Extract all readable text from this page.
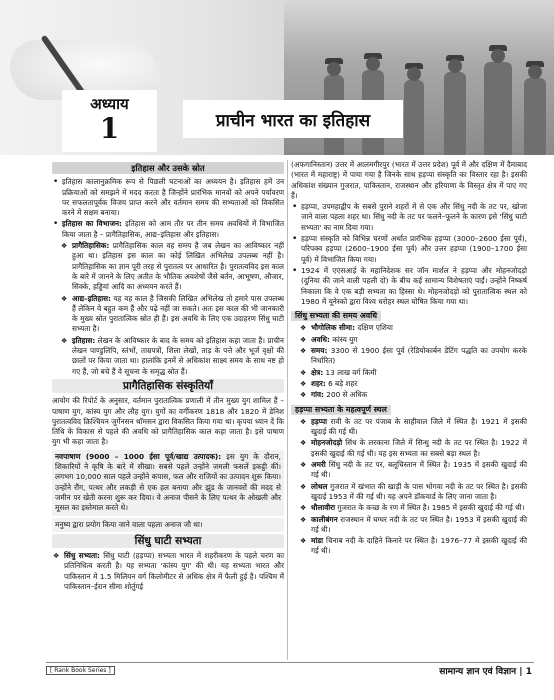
अध्याय
1	प्राचीन भारत का इतिहास
इतिहास और उसके स्रोत
• इतिहास कालानुक्रमिक रूप से पिछली घटनाओं का अध्ययन है। इतिहास हमें उन प्रक्रियाओं को समझने में मदद करता है जिन्होंने प्रारंभिक मानवों को अपने पर्यावरण पर सफलतापूर्वक विजय प्राप्त करने और वर्तमान समय की सभ्यताओं को विकसित करने में सक्षम बनाया।
• इतिहास का विभाजन: इतिहास को आम तौर पर तीन समय अवधियों में विभाजित किया जाता है – प्रागैतिहासिक, आद्य–इतिहास और इतिहास।
❖ प्रागैतिहासिक: प्रागैतिहासिक काल वह समय है जब लेखन का आविष्कार नहीं हुआ था। इतिहास इस काल का कोई लिखित अभिलेख उपलब्ध नहीं है। प्रागैतिहासिक का ज्ञान पूरी तरह से पुरातत्व पर आधारित है। पुरातत्वविद इस काल के बारे में जानने के लिए अतीत के भौतिक अवशेषों जैसे बर्तन, आभूषण, औजार, सिक्के, हड्डियां आदि का अध्ययन करते हैं।
❖ आद्य–इतिहास: यह वह काल है जिसकी लिखित अभिलेख तो हमारे पास उपलब्ध हैं लेकिन वे बहुत कम हैं और पढ़े नहीं जा सकते। अतः इस काल की भी जानकारी के मुख्य स्रोत पुरातात्विक स्रोत ही हैं। इस अवधि के लिए एक उदाहरण सिंधु घाटी सभ्यता है।
❖ इतिहास: लेखन के आविष्कार के बाद के समय को इतिहास कहा जाता है। प्राचीन लेखन पाण्डुलिपि, स्तंभों, ताम्रपत्रों, शिला लेखों, ताड़ के पत्ते और भूर्ज वृक्षों की छालों पर किया जाता था। हालांकि इनमें से अधिकांश साक्ष्य समय के साथ नष्ट हो गए हैं, जो बचे हैं वे सूचना के समृद्ध स्रोत हैं।
प्रागैतिहासिक संस्कृतियाँ
आयोग की रिपोर्ट के अनुसार, वर्तमान पुरातात्विक प्रणाली में तीन मुख्य युग शामिल हैं – पाषाण युग, कांस्य युग और लौह युग। युगों का वर्गीकरण 1818 और 1820 में डेनिश पुरातत्वविद क्रिश्चियन जुर्गेनसन थॉमसन द्वारा विकसित किया गया था। कृपया ध्यान दें कि तिथि के विकास से पहले की अवधि को प्रागैतिहासिक काल कहा जाता है। इसे पाषाण युग भी कहा जाता है।
नवपाषाण (9000 – 1000 ईसा पूर्व/खाद्य उत्पादक): इस युग के दौरान, शिकारियों ने कृषि के बारे में सीखा। सबसे पहले उन्होंने जमली फसलें इकट्ठी कीं। लगभग 10,000 साल पहले उन्होंने कपास, फल और राजियों का उत्पादन शुरू किया। उन्होंने रौंग, पत्थर और लकड़ी से एक हल बनाया और झुंड के जानवरों की मदद से जमीन पर खेती करना शुरू कर दिया। वे अनाज पीसने के लिए पत्थर के ओखली और मूसल का इस्तेमाल करते थे।
मनुष्य द्वारा प्रयोग किया जाने वाला पहला अनाज जौ था।
सिंधु घाटी सभ्यता
❖ सिंधु सभ्यता: सिंधु घाटी (हड़प्पा) सभ्यता भारत में शहरीकरण के पहले चरण का प्रतिनिधित्व करती है। यह सभ्यता 'कांस्य युग' की थी। यह सभ्यता भारत और पाकिस्तान में 1.5 मिलियन वर्ग किलोमीटर से अधिक क्षेत्र में फैली हुई है। पश्चिम में पाकिस्तान–ईरान सीमा शोर्तुगई
(अफगानिस्तान) उत्तर में आलमगीरपुर (भारत में उत्तर प्रदेश) पूर्व में और दक्षिण में दैमाबाद (भारत में महाराष्ट्र) में पाया गया है जिनके साथ हड़प्पा संस्कृति का विस्तार रहा है। इसकी अधिकांश संख्यान गुजरात, पाकिस्तान, राजस्थान और हरियाणा के विस्तृत क्षेत्र में पाए गए हैं।
• हड़प्पा, उपमहाद्वीप के सबसे पुराने शहरों में से एक और सिंधु नदी के तट पर, खोजा जाने वाला पहला शहर था। सिंधु नदी के तट पर फलने–फूलने के कारण इसे 'सिंधु घाटी सभ्यता' का नाम दिया गया।
• हड़प्पा संस्कृति को विभिन्न चरणों अर्थात प्रारंभिक हड़प्पा (3000–2600 ईसा पूर्व), परिपक्व हड़प्पा (2600–1900 ईसा पूर्व) और उत्तर हड़प्पा (1900–1700 ईसा पूर्व) में विभाजित किया गया।
• 1924 में एएसआई के महानिदेशक सर जॉन मार्शल ने हड़प्पा और मोहनजोदड़ो (दुनिया की जाने वाली पहली दो) के बीच कई सामान्य विशेषताएं पाईं। उन्होंने निष्कर्ष निकाला कि वे एक बड़ी सभ्यता का हिस्सा थे। मोहनजोदड़ो को पुरातात्विक स्थल को 1980 में यूनेस्को द्वारा विश्व धरोहर स्थल घोषित किया गया था।
सिंधु सभ्यता की समय अवधि
❖ भौगोलिक सीमा: दक्षिण एशिया
❖ अवधि: कांस्य युग
❖ समय: 3300 से 1900 ईसा पूर्व (रेडियोकार्बन डेटिंग पद्धति का उपयोग करके निर्धारित)
❖ क्षेत्र: 13 लाख वर्ग किमी
❖ शहर: 6 बड़े शहर
❖ गांव: 200 से अधिक
हड़प्पा सभ्यता के महत्वपूर्ण स्थल
❖ हड़प्पा रावी के तट पर पंजाब के साहीवाल जिले में स्थित है। 1921 में इसकी खुदाई की गई थी।
❖ मोहनजोदड़ो सिंध के लरकाना जिले में सिन्धु नदी के तट पर स्थित है। 1922 में इसकी खुदाई की गई थी। यह इस सभ्यता का सबसे बड़ा स्थल है।
❖ अमरी सिंधु नदी के तट पर, बलूचिस्तान में स्थित है। 1935 में इसकी खुदाई की गई थी।
❖ लोथल गुजरात में खंभात की खाड़ी के पास भोगवा नदी के तट पर स्थित है। इसकी खुदाई 1953 में की गई थी। यह अपने डॉकयार्ड के लिए जाना जाता है।
❖ धौलावीरा गुजरात के कच्छ के रण में स्थित है। 1985 में इसकी खुदाई की गई थी।
❖ कालीबंगन राजस्थान में घग्घर नदी के तट पर स्थित है। 1953 में इसकी खुदाई की गई थी।
❖ मांडा चिनाब नदी के दाहिने किनारे पर स्थित है। 1976–77 में इसकी खुदाई की गई थी।
[ Rank Book Series ]	सामान्य ज्ञान एवं विज्ञान | 1
